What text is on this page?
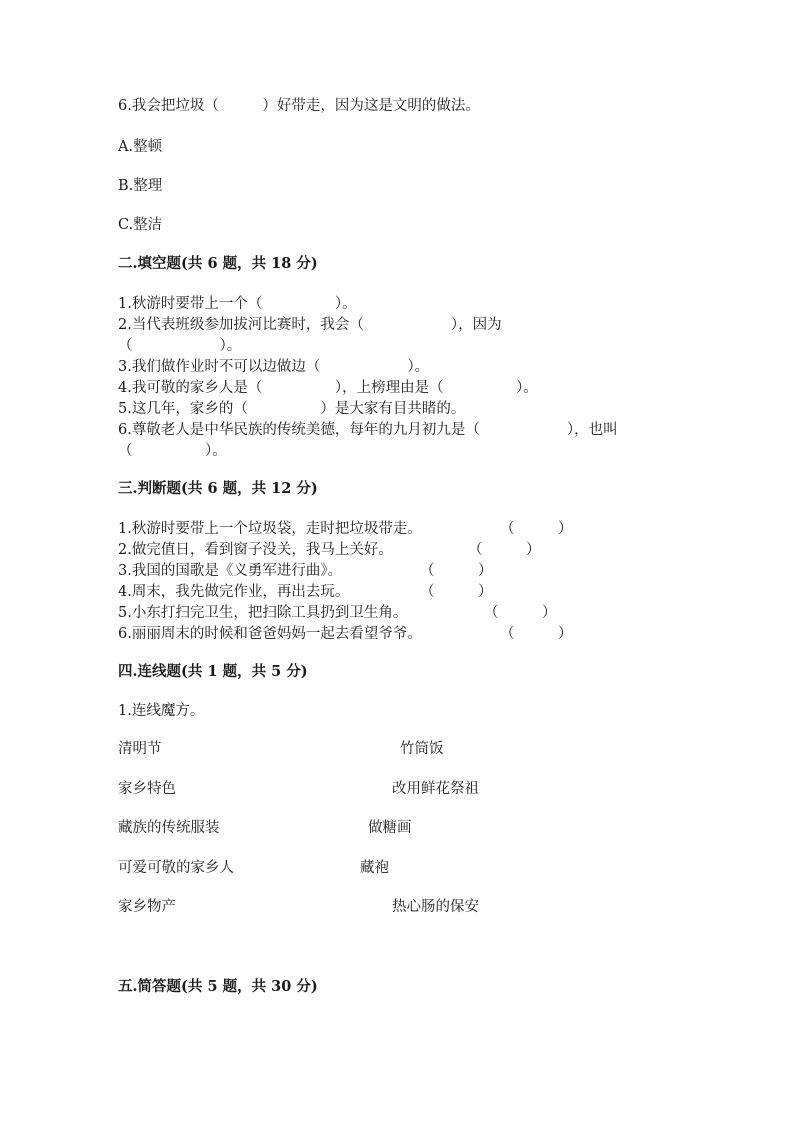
6.我会把垃圾（　　　）好带走，因为这是文明的做法。
A.整顿
B.整理
C.整洁
二.填空题(共 6 题，共 18 分)
1.秋游时要带上一个（　　　　　）。
2.当代表班级参加拔河比赛时，我会（　　　　　　），因为
（　　　　　　）。
3.我们做作业时不可以边做边（　　　　　　）。
4.我可敬的家乡人是（　　　　　），上榜理由是（　　　　　）。
5.这几年，家乡的（　　　　　）是大家有目共睹的。
6.尊敬老人是中华民族的传统美德，每年的九月初九是（　　　　　　），也叫
（　　　　　）。
三.判断题(共 6 题，共 12 分)
1.秋游时要带上一个垃圾袋，走时把垃圾带走。	（　　　）
2.做完值日，看到窗子没关，我马上关好。	（　　　）
3.我国的国歌是《义勇军进行曲》。	（　　　）
4.周末，我先做完作业，再出去玩。	（　　　）
5.小东打扫完卫生，把扫除工具扔到卫生角。	（　　　）
6.丽丽周末的时候和爸爸妈妈一起去看望爷爷。	（　　　）
四.连线题(共 1 题，共 5 分)
1.连线魔方。
清明节	竹筒饭
家乡特色	改用鲜花祭祖
藏族的传统服装	做糖画
可爱可敬的家乡人	藏袍
家乡物产	热心肠的保安
五.简答题(共 5 题，共 30 分)
